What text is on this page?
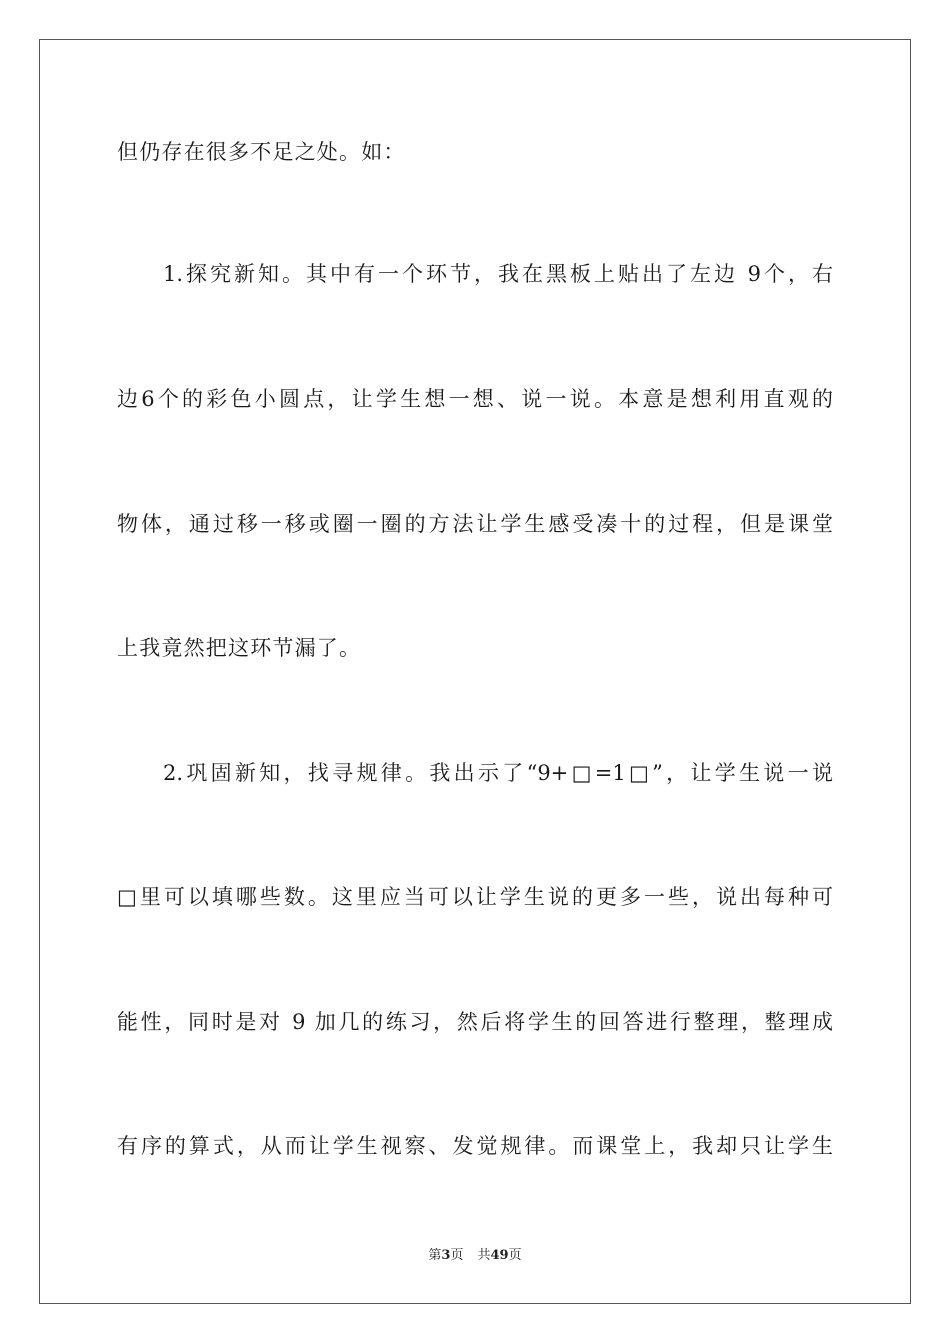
但仍存在很多不足之处。如：
1.探究新知。其中有一个环节，我在黑板上贴出了左边 9个，右
边6个的彩色小圆点，让学生想一想、说一说。本意是想利用直观的
物体，通过移一移或圈一圈的方法让学生感受凑十的过程，但是课堂
上我竟然把这环节漏了。
2.巩固新知，找寻规律。我出示了“9+□=1□”，让学生说一说
□里可以填哪些数。这里应当可以让学生说的更多一些，说出每种可
能性，同时是对 9 加几的练习，然后将学生的回答进行整理，整理成
有序的算式，从而让学生视察、发觉规律。而课堂上，我却只让学生
第3页 共49页
